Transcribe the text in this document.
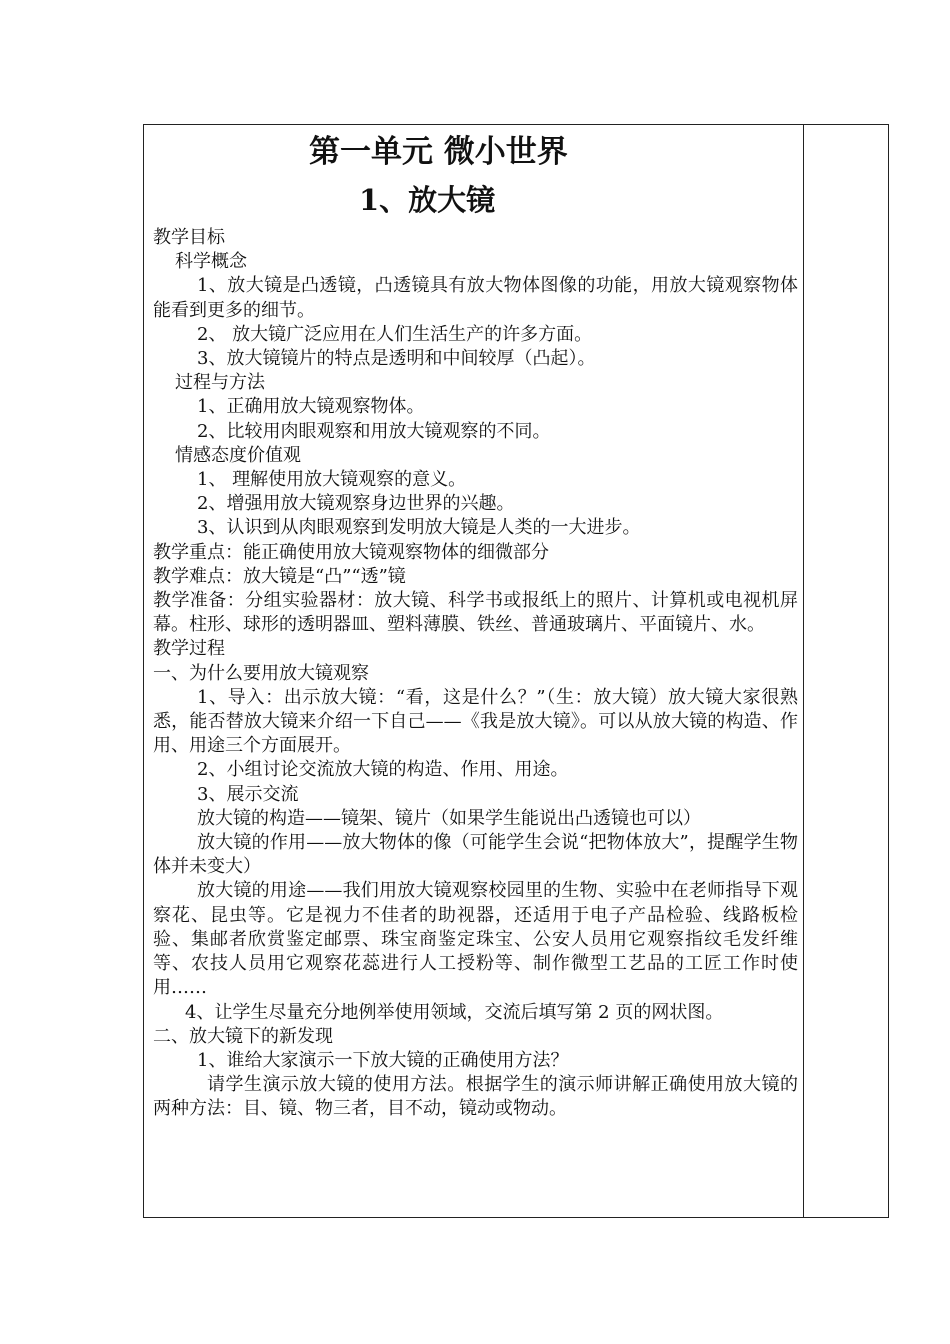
第一单元 微小世界
1、放大镜

教学目标

科学概念

1、放大镜是凸透镜，凸透镜具有放大物体图像的功能，用放大镜观察物体 能看到更多的细节。

2、 放大镜广泛应用在人们生活生产的许多方面。

3、放大镜镜片的特点是透明和中间较厚（凸起）。

过程与方法

1、正确用放大镜观察物体。

2、比较用肉眼观察和用放大镜观察的不同。

情感态度价值观

1、 理解使用放大镜观察的意义。

2、增强用放大镜观察身边世界的兴趣。

3、认识到从肉眼观察到发明放大镜是人类的一大进步。

教学重点：能正确使用放大镜观察物体的细微部分

教学难点：放大镜是“凸”“透”镜

教学准备：分组实验器材：放大镜、科学书或报纸上的照片、计算机或电视机屏幕。柱形、球形的透明器皿、塑料薄膜、铁丝、普通玻璃片、平面镜片、水。

教学过程

一、为什么要用放大镜观察

1、导入：出示放大镜：“看，这是什么？”（生：放大镜）放大镜大家很熟悉，能否替放大镜来介绍一下自己——《我是放大镜》。可以从放大镜的构造、作用、用途三个方面展开。

2、小组讨论交流放大镜的构造、作用、用途。

3、展示交流

放大镜的构造——镜架、镜片（如果学生能说出凸透镜也可以）

放大镜的作用——放大物体的像（可能学生会说“把物体放大”，提醒学生物体并未变大）

放大镜的用途——我们用放大镜观察校园里的生物、实验中在老师指导下观察花、昆虫等。它是视力不佳者的助视器，还适用于电子产品检验、线路板检验、集邮者欣赏鉴定邮票、珠宝商鉴定珠宝、公安人员用它观察指纹毛发纤维等、农技人员用它观察花蕊进行人工授粉等、制作微型工艺品的工匠工作时使用……

4、让学生尽量充分地例举使用领域，交流后填写第 2 页的网状图。

二、放大镜下的新发现

1、谁给大家演示一下放大镜的正确使用方法？

请学生演示放大镜的使用方法。根据学生的演示师讲解正确使用放大镜的两种方法：目、镜、物三者，目不动，镜动或物动。
